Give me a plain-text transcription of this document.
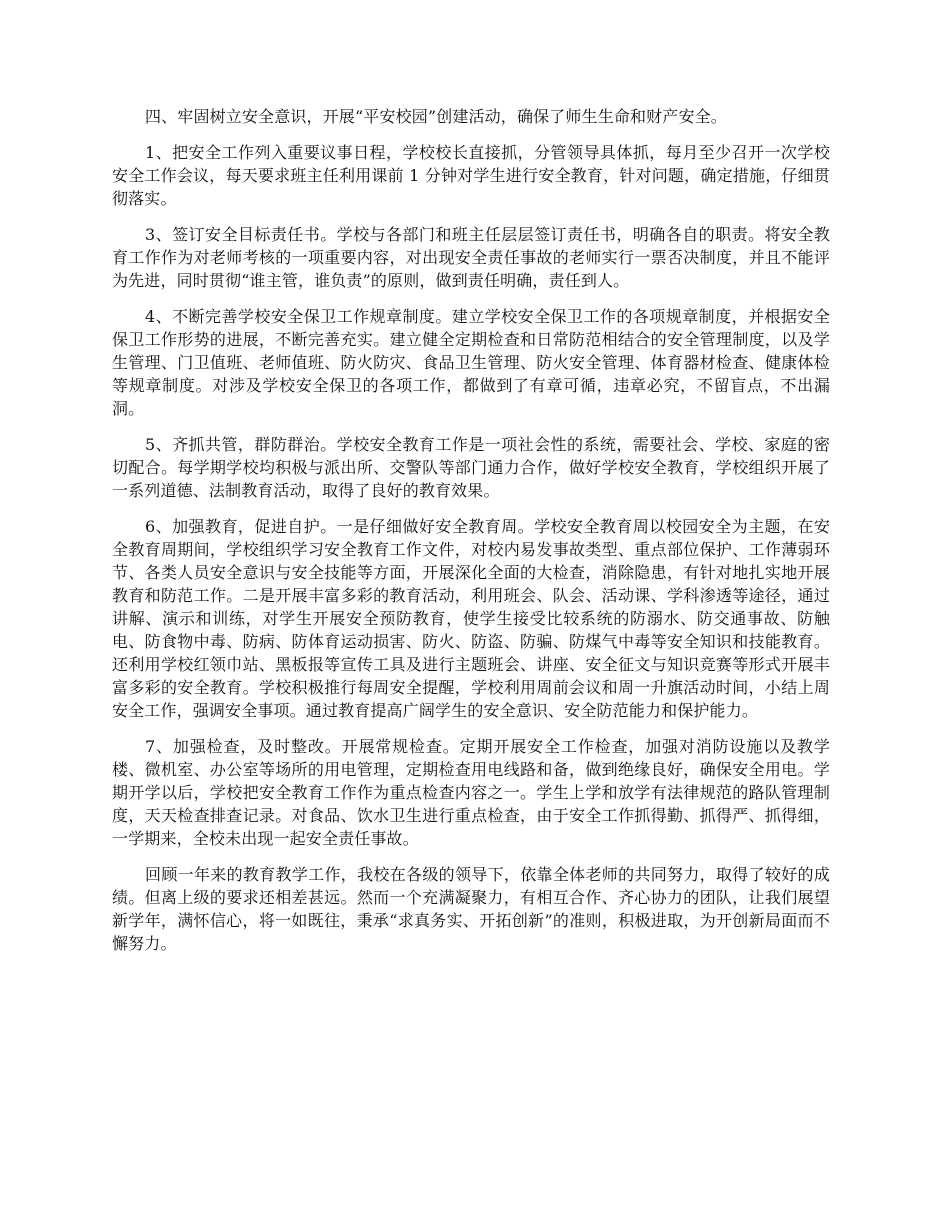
四、牢固树立安全意识，开展“平安校园”创建活动，确保了师生生命和财产安全。

1、把安全工作列入重要议事日程，学校校长直接抓，分管领导具体抓，每月至少召开一次学校安全工作会议，每天要求班主任利用课前 1 分钟对学生进行安全教育，针对问题，确定措施，仔细贯彻落实。

3、签订安全目标责任书。学校与各部门和班主任层层签订责任书，明确各自的职责。将安全教育工作作为对老师考核的一项重要内容，对出现安全责任事故的老师实行一票否决制度，并且不能评为先进，同时贯彻“谁主管，谁负责”的原则，做到责任明确，责任到人。

4、不断完善学校安全保卫工作规章制度。建立学校安全保卫工作的各项规章制度，并根据安全保卫工作形势的进展，不断完善充实。建立健全定期检查和日常防范相结合的安全管理制度，以及学生管理、门卫值班、老师值班、防火防灾、食品卫生管理、防火安全管理、体育器材检查、健康体检等规章制度。对涉及学校安全保卫的各项工作，都做到了有章可循，违章必究，不留盲点，不出漏洞。

5、齐抓共管，群防群治。学校安全教育工作是一项社会性的系统，需要社会、学校、家庭的密切配合。每学期学校均积极与派出所、交警队等部门通力合作，做好学校安全教育，学校组织开展了一系列道德、法制教育活动，取得了良好的教育效果。

6、加强教育，促进自护。一是仔细做好安全教育周。学校安全教育周以校园安全为主题，在安全教育周期间，学校组织学习安全教育工作文件，对校内易发事故类型、重点部位保护、工作薄弱环节、各类人员安全意识与安全技能等方面，开展深化全面的大检查，消除隐患，有针对地扎实地开展教育和防范工作。二是开展丰富多彩的教育活动，利用班会、队会、活动课、学科渗透等途径，通过讲解、演示和训练，对学生开展安全预防教育，使学生接受比较系统的防溺水、防交通事故、防触电、防食物中毒、防病、防体育运动损害、防火、防盗、防骗、防煤气中毒等安全知识和技能教育。还利用学校红领巾站、黑板报等宣传工具及进行主题班会、讲座、安全征文与知识竞赛等形式开展丰富多彩的安全教育。学校积极推行每周安全提醒，学校利用周前会议和周一升旗活动时间，小结上周安全工作，强调安全事项。通过教育提高广阔学生的安全意识、安全防范能力和保护能力。

7、加强检查，及时整改。开展常规检查。定期开展安全工作检查，加强对消防设施以及教学楼、微机室、办公室等场所的用电管理，定期检查用电线路和备，做到绝缘良好，确保安全用电。学期开学以后，学校把安全教育工作作为重点检查内容之一。学生上学和放学有法律规范的路队管理制度，天天检查排查记录。对食品、饮水卫生进行重点检查，由于安全工作抓得勤、抓得严、抓得细，一学期来，全校未出现一起安全责任事故。

回顾一年来的教育教学工作，我校在各级的领导下，依靠全体老师的共同努力，取得了较好的成绩。但离上级的要求还相差甚远。然而一个充满凝聚力，有相互合作、齐心协力的团队，让我们展望新学年，满怀信心，将一如既往，秉承“求真务实、开拓创新”的准则，积极进取，为开创新局面而不懈努力。
